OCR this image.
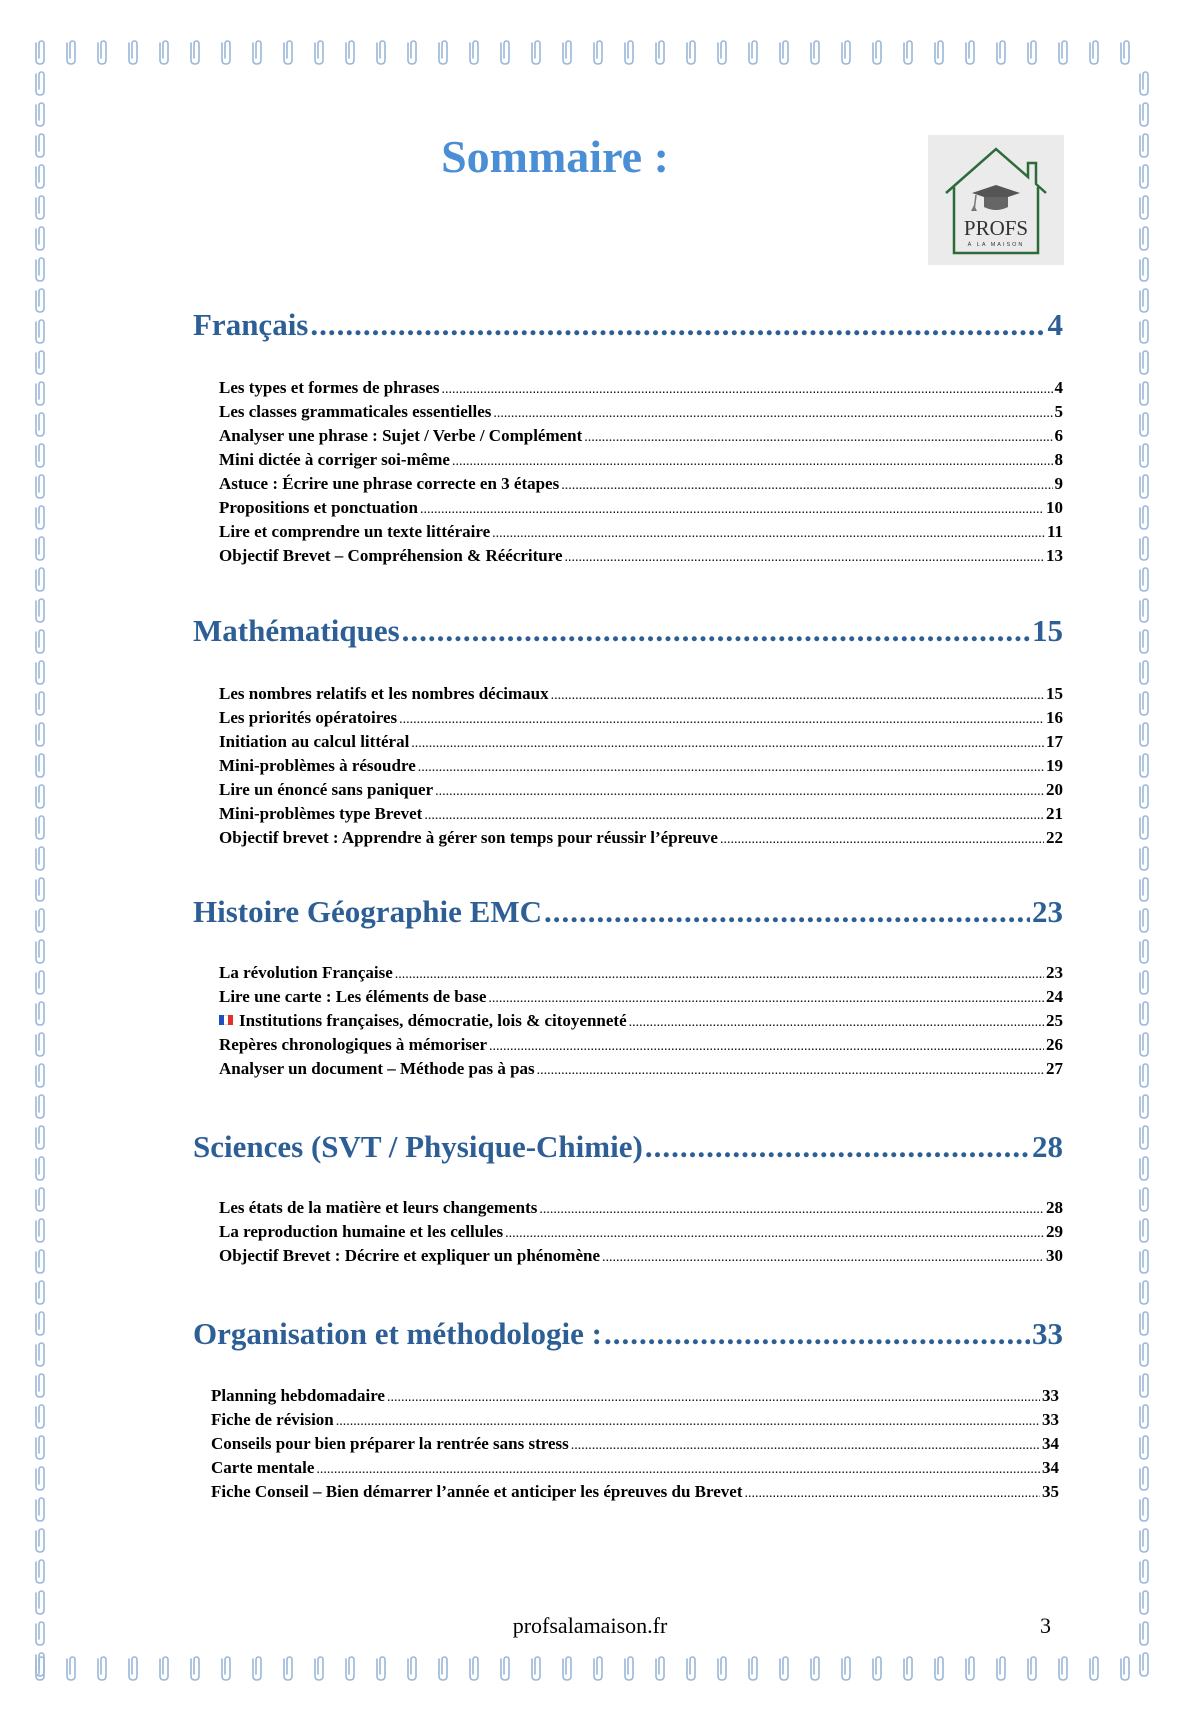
Sommaire :
PROFS
À LA MAISON
Français .....	4
Les types et formes de phrases .....	4
Les classes grammaticales essentielles .....	5
Analyser une phrase : Sujet / Verbe / Complément .....	6
Mini dictée à corriger soi-même .....	8
Astuce : Écrire une phrase correcte en 3 étapes .....	9
Propositions et ponctuation .....	10
Lire et comprendre un texte littéraire .....	11
Objectif Brevet – Compréhension & Réécriture .....	13
Mathématiques .....	15
Les nombres relatifs et les nombres décimaux .....	15
Les priorités opératoires .....	16
Initiation au calcul littéral .....	17
Mini-problèmes à résoudre .....	19
Lire un énoncé sans paniquer .....	20
Mini-problèmes type Brevet .....	21
Objectif brevet : Apprendre à gérer son temps pour réussir l’épreuve .....	22
Histoire Géographie EMC .....	23
La révolution Française .....	23
Lire une carte : Les éléments de base .....	24
Institutions françaises, démocratie, lois & citoyenneté .....	25
Repères chronologiques à mémoriser .....	26
Analyser un document – Méthode pas à pas .....	27
Sciences (SVT / Physique-Chimie) .....	28
Les états de la matière et leurs changements .....	28
La reproduction humaine et les cellules .....	29
Objectif Brevet : Décrire et expliquer un phénomène .....	30
Organisation et méthodologie : .....	33
Planning hebdomadaire .....	33
Fiche de révision .....	33
Conseils pour bien préparer la rentrée sans stress .....	34
Carte mentale .....	34
Fiche Conseil – Bien démarrer l’année et anticiper les épreuves du Brevet .....	35
profsalamaison.fr	3
